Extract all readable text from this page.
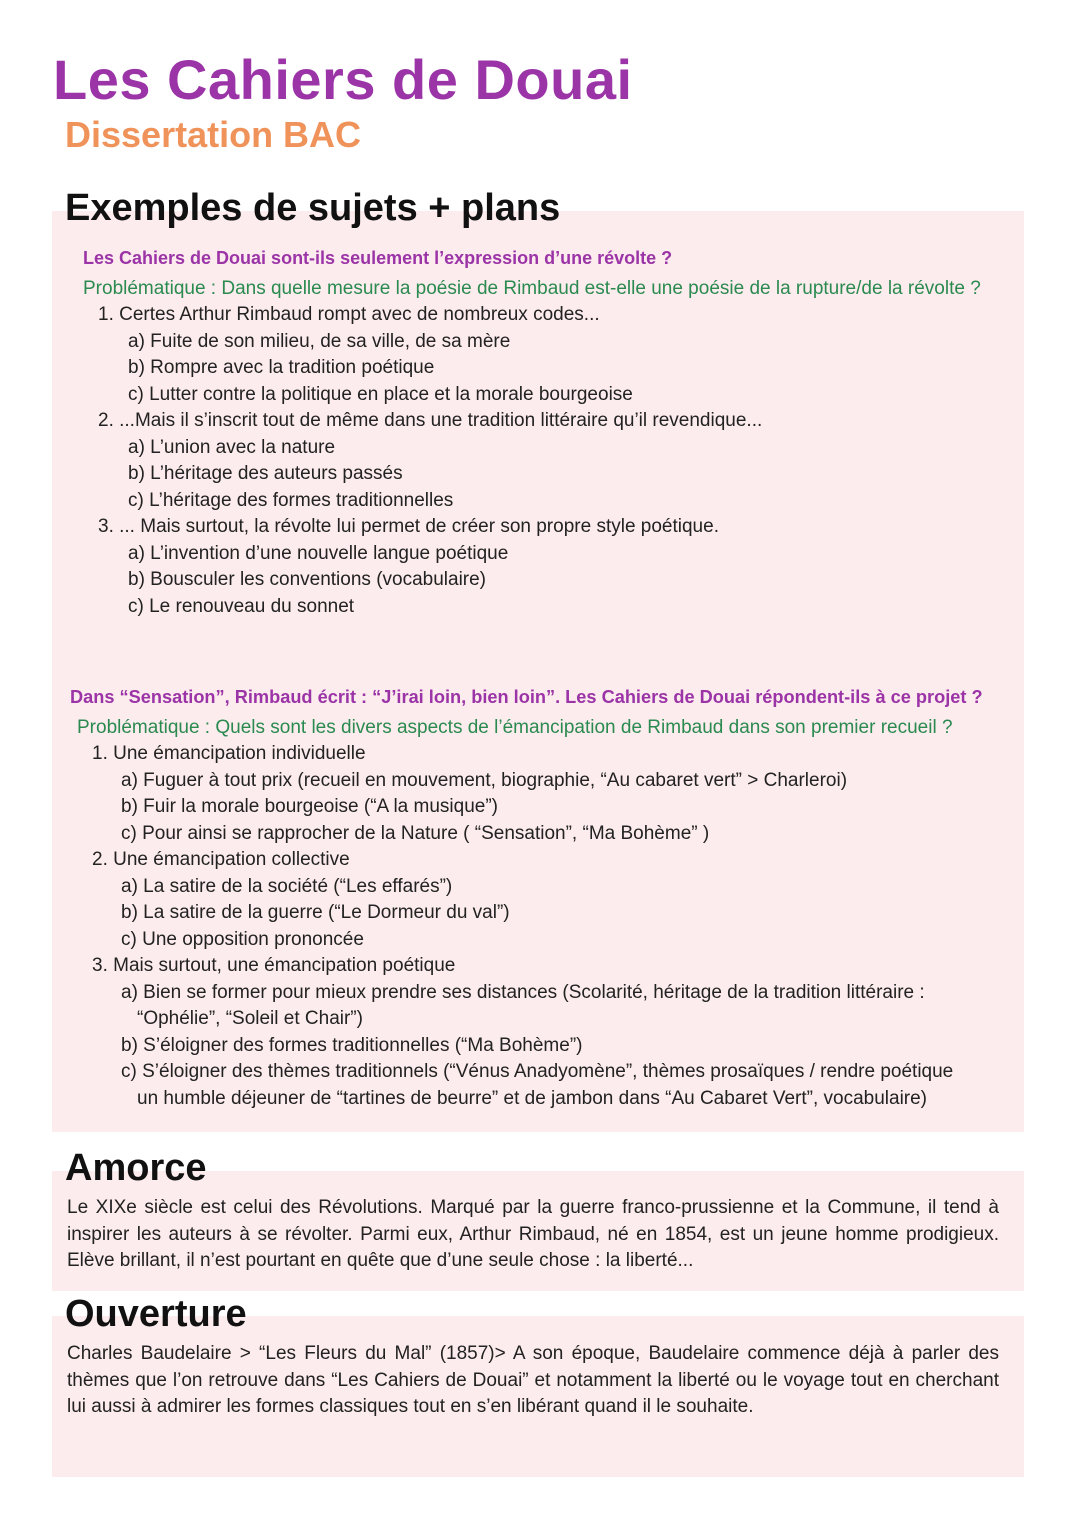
Les Cahiers de Douai
Dissertation BAC
Exemples de sujets + plans

Les Cahiers de Douai sont-ils seulement l’expression d’une révolte ?

Problématique : Dans quelle mesure la poésie de Rimbaud est-elle une poésie de la rupture/de la révolte ?

1. Certes Arthur Rimbaud rompt avec de nombreux codes...

a) Fuite de son milieu, de sa ville, de sa mère

b) Rompre avec la tradition poétique

c) Lutter contre la politique en place et la morale bourgeoise

2. ...Mais il s’inscrit tout de même dans une tradition littéraire qu’il revendique...

a) L’union avec la nature

b) L’héritage des auteurs passés

c) L’héritage des formes traditionnelles

3. ... Mais surtout, la révolte lui permet de créer son propre style poétique.

a) L’invention d’une nouvelle langue poétique

b) Bousculer les conventions (vocabulaire)

c) Le renouveau du sonnet

Dans “Sensation”, Rimbaud écrit : “J’irai loin, bien loin”. Les Cahiers de Douai répondent-ils à ce projet ?

Problématique : Quels sont les divers aspects de l’émancipation de Rimbaud dans son premier recueil ?

1. Une émancipation individuelle

a) Fuguer à tout prix (recueil en mouvement, biographie, “Au cabaret vert” > Charleroi)

b) Fuir la morale bourgeoise (“A la musique”)

c) Pour ainsi se rapprocher de la Nature ( “Sensation”, “Ma Bohème” )

2. Une émancipation collective

a) La satire de la société (“Les effarés”)

b) La satire de la guerre (“Le Dormeur du val”)

c) Une opposition prononcée

3. Mais surtout, une émancipation poétique

a) Bien se former pour mieux prendre ses distances (Scolarité, héritage de la tradition littéraire :

“Ophélie”, “Soleil et Chair”)

b) S’éloigner des formes traditionnelles (“Ma Bohème”)

c) S’éloigner des thèmes traditionnels (“Vénus Anadyomène”, thèmes prosaïques / rendre poétique

un humble déjeuner de “tartines de beurre” et de jambon dans “Au Cabaret Vert”, vocabulaire)

Amorce

Le XIXe siècle est celui des Révolutions. Marqué par la guerre franco-prussienne et la Commune, il tend à inspirer les auteurs à se révolter. Parmi eux, Arthur Rimbaud, né en 1854, est un jeune homme prodigieux. Elève brillant, il n’est pourtant en quête que d’une seule chose : la liberté...

Ouverture

Charles Baudelaire > “Les Fleurs du Mal” (1857)> A son époque, Baudelaire commence déjà à parler des thèmes que l’on retrouve dans “Les Cahiers de Douai” et notamment la liberté ou le voyage tout en cherchant lui aussi à admirer les formes classiques tout en s’en libérant quand il le souhaite.
